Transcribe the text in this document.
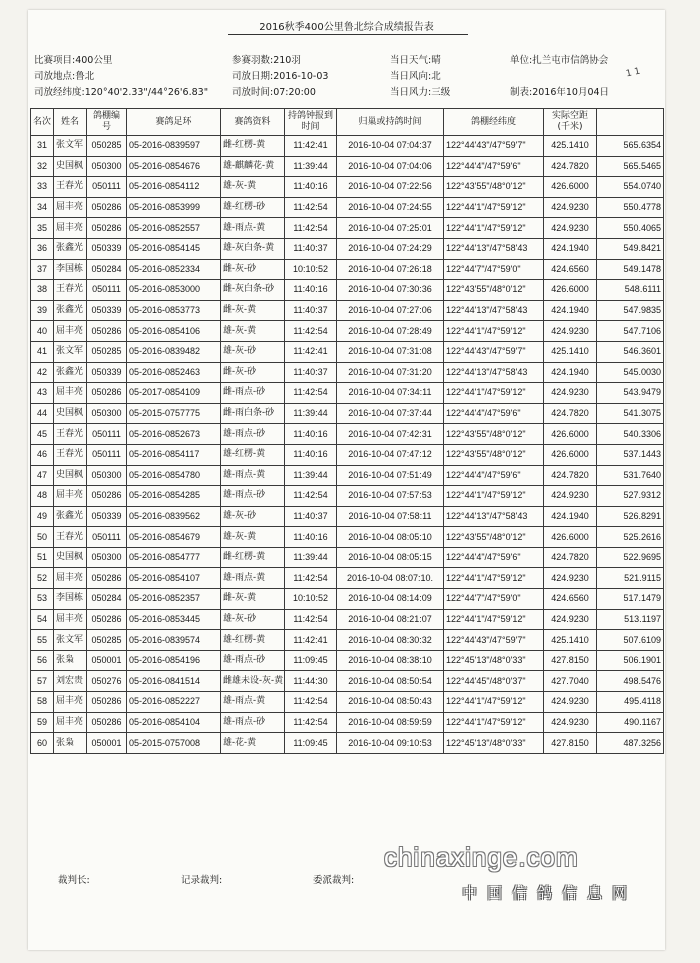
2016秋季400公里鲁北综合成绩报告表
比赛项目:400公里	参赛羽数:210羽	当日天气:晴	单位:扎兰屯市信鸽协会
司放地点:鲁北	司放日期:2016-10-03	当日风向:北	1 1
司放经纬度:120°40'2.33"/44°26'6.83"	司放时间:07:20:00	当日风力:三级	制表:2016年10月04日
名次	姓名	鸽棚编号	赛鸽足环	赛鸽资料	持鸽钟报到时间	归巢或持鸽时间	鸽棚经纬度	实际空距(千米)	
31	张文军	050285	05-2016-0839597	雌-红楞-黄	11:42:41	2016-10-04 07:04:37	122°44'43"/47°59'7"	425.1410	565.6354
32	史国枫	050300	05-2016-0854676	雄-麒麟花-黄	11:39:44	2016-10-04 07:04:06	122°44'4"/47°59'6"	424.7820	565.5465
33	王春光	050111	05-2016-0854112	雄-灰-黄	11:40:16	2016-10-04 07:22:56	122°43'55"/48°0'12"	426.6000	554.0740
34	屈丰亮	050286	05-2016-0853999	雄-红楞-砂	11:42:54	2016-10-04 07:24:55	122°44'1"/47°59'12"	424.9230	550.4778
35	屈丰亮	050286	05-2016-0852557	雄-雨点-黄	11:42:54	2016-10-04 07:25:01	122°44'1"/47°59'12"	424.9230	550.4065
36	张鑫光	050339	05-2016-0854145	雄-灰白条-黄	11:40:37	2016-10-04 07:24:29	122°44'13"/47°58'43	424.1940	549.8421
37	李国栋	050284	05-2016-0852334	雌-灰-砂	10:10:52	2016-10-04 07:26:18	122°44'7"/47°59'0"	424.6560	549.1478
38	王春光	050111	05-2016-0853000	雌-灰白条-砂	11:40:16	2016-10-04 07:30:36	122°43'55"/48°0'12"	426.6000	548.6111
39	张鑫光	050339	05-2016-0853773	雌-灰-黄	11:40:37	2016-10-04 07:27:06	122°44'13"/47°58'43	424.1940	547.9835
40	屈丰亮	050286	05-2016-0854106	雄-灰-黄	11:42:54	2016-10-04 07:28:49	122°44'1"/47°59'12"	424.9230	547.7106
41	张文军	050285	05-2016-0839482	雄-灰-砂	11:42:41	2016-10-04 07:31:08	122°44'43"/47°59'7"	425.1410	546.3601
42	张鑫光	050339	05-2016-0852463	雌-灰-砂	11:40:37	2016-10-04 07:31:20	122°44'13"/47°58'43	424.1940	545.0030
43	屈丰亮	050286	05-2017-0854109	雌-雨点-砂	11:42:54	2016-10-04 07:34:11	122°44'1"/47°59'12"	424.9230	543.9479
44	史国枫	050300	05-2015-0757775	雌-雨白条-砂	11:39:44	2016-10-04 07:37:44	122°44'4"/47°59'6"	424.7820	541.3075
45	王春光	050111	05-2016-0852673	雄-雨点-砂	11:40:16	2016-10-04 07:42:31	122°43'55"/48°0'12"	426.6000	540.3306
46	王春光	050111	05-2016-0854117	雄-红楞-黄	11:40:16	2016-10-04 07:47:12	122°43'55"/48°0'12"	426.6000	537.1443
47	史国枫	050300	05-2016-0854780	雄-雨点-黄	11:39:44	2016-10-04 07:51:49	122°44'4"/47°59'6"	424.7820	531.7640
48	屈丰亮	050286	05-2016-0854285	雄-雨点-砂	11:42:54	2016-10-04 07:57:53	122°44'1"/47°59'12"	424.9230	527.9312
49	张鑫光	050339	05-2016-0839562	雄-灰-砂	11:40:37	2016-10-04 07:58:11	122°44'13"/47°58'43	424.1940	526.8291
50	王春光	050111	05-2016-0854679	雄-灰-黄	11:40:16	2016-10-04 08:05:10	122°43'55"/48°0'12"	426.6000	525.2616
51	史国枫	050300	05-2016-0854777	雌-红楞-黄	11:39:44	2016-10-04 08:05:15	122°44'4"/47°59'6"	424.7820	522.9695
52	屈丰亮	050286	05-2016-0854107	雄-雨点-黄	11:42:54	2016-10-04 08:07:10.	122°44'1"/47°59'12"	424.9230	521.9115
53	李国栋	050284	05-2016-0852357	雌-灰-黄	10:10:52	2016-10-04 08:14:09	122°44'7"/47°59'0"	424.6560	517.1479
54	屈丰亮	050286	05-2016-0853445	雄-灰-砂	11:42:54	2016-10-04 08:21:07	122°44'1"/47°59'12"	424.9230	513.1197
55	张文军	050285	05-2016-0839574	雄-红楞-黄	11:42:41	2016-10-04 08:30:32	122°44'43"/47°59'7"	425.1410	507.6109
56	张枭	050001	05-2016-0854196	雄-雨点-砂	11:09:45	2016-10-04 08:38:10	122°45'13"/48°0'33"	427.8150	506.1901
57	刘宏贵	050276	05-2016-0841514	雌雄未设-灰-黄	11:44:30	2016-10-04 08:50:54	122°44'45"/48°0'37"	427.7040	498.5476
58	屈丰亮	050286	05-2016-0852227	雄-雨点-黄	11:42:54	2016-10-04 08:50:43	122°44'1"/47°59'12"	424.9230	495.4118
59	屈丰亮	050286	05-2016-0854104	雄-雨点-砂	11:42:54	2016-10-04 08:59:59	122°44'1"/47°59'12"	424.9230	490.1167
60	张枭	050001	05-2015-0757008	雄-花-黄	11:09:45	2016-10-04 09:10:53	122°45'13"/48°0'33"	427.8150	487.3256
裁判长:	记录裁判:	委派裁判:
chinaxinge.com
中国信鸽信息网
